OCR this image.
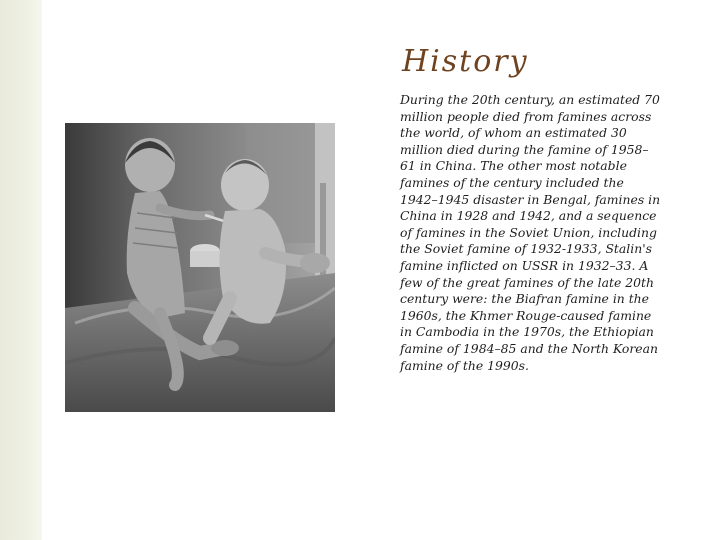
History

During the 20th century, an estimated 70 million people died from famines across the world, of whom an estimated 30 million died during the famine of 1958–61 in China. The other most notable famines of the century included the 1942–1945 disaster in Bengal, famines in China in 1928 and 1942, and a sequence of famines in the Soviet Union, including the Soviet famine of 1932-1933, Stalin's famine inflicted on USSR in 1932–33. A few of the great famines of the late 20th century were: the Biafran famine in the 1960s, the Khmer Rouge-caused famine in Cambodia in the 1970s, the Ethiopian famine of 1984–85 and the North Korean famine of the 1990s.
